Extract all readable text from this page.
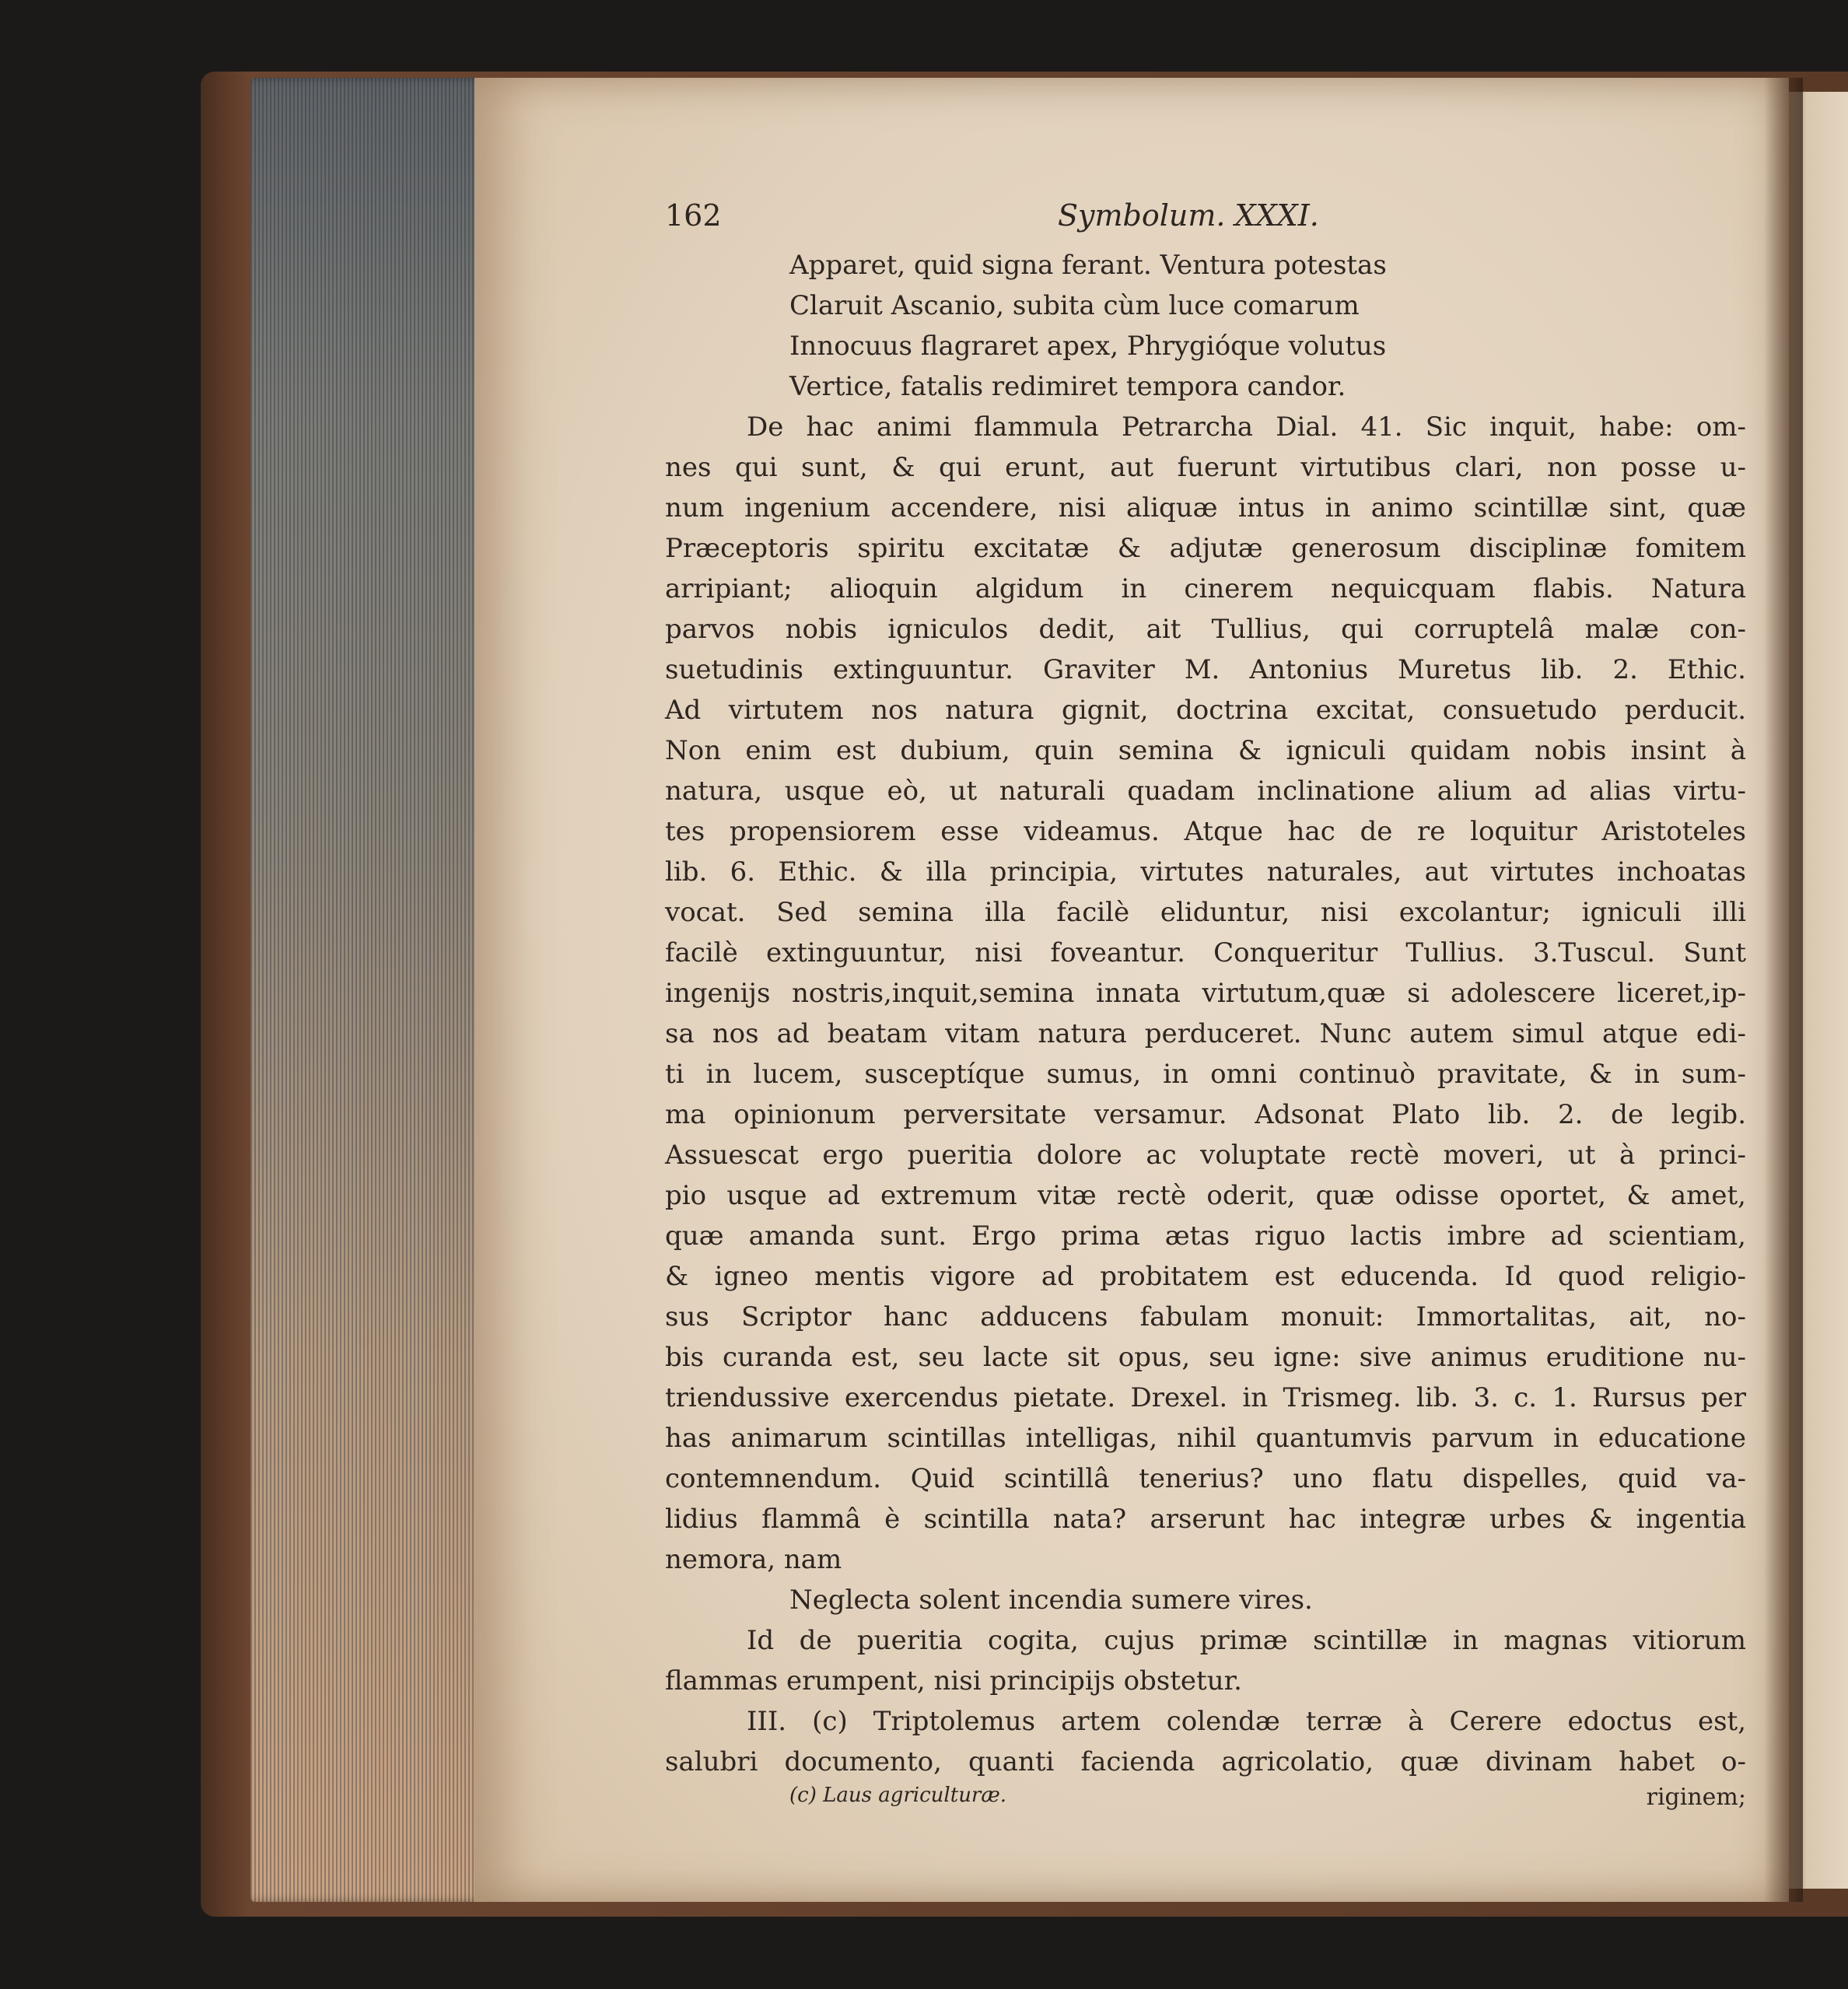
162	Symbolum. XXXI.
Apparet, quid signa ferant. Ventura potestas
Claruit Ascanio, subita cùm luce comarum
Innocuus flagraret apex, Phrygióque volutus
Vertice, fatalis redimiret tempora candor.
De hac animi flammula Petrarcha Dial. 41. Sic inquit, habe: om-
nes qui sunt, & qui erunt, aut fuerunt virtutibus clari, non posse u-
num ingenium accendere, nisi aliquæ intus in animo scintillæ sint, quæ
Præceptoris spiritu excitatæ & adjutæ generosum disciplinæ fomitem
arripiant; alioquin algidum in cinerem nequicquam flabis. Natura
parvos nobis igniculos dedit, ait Tullius, qui corruptelâ malæ con-
suetudinis extinguuntur. Graviter M. Antonius Muretus lib. 2. Ethic.
Ad virtutem nos natura gignit, doctrina excitat, consuetudo perducit.
Non enim est dubium, quin semina & igniculi quidam nobis insint à
natura, usque eò, ut naturali quadam inclinatione alium ad alias virtu-
tes propensiorem esse videamus. Atque hac de re loquitur Aristoteles
lib. 6. Ethic. & illa principia, virtutes naturales, aut virtutes inchoatas
vocat. Sed semina illa facilè eliduntur, nisi excolantur; igniculi illi
facilè extinguuntur, nisi foveantur. Conqueritur Tullius. 3.Tuscul. Sunt
ingenijs nostris,inquit,semina innata virtutum,quæ si adolescere liceret,ip-
sa nos ad beatam vitam natura perduceret. Nunc autem simul atque edi-
ti in lucem, susceptíque sumus, in omni continuò pravitate, & in sum-
ma opinionum perversitate versamur. Adsonat Plato lib. 2. de legib.
Assuescat ergo pueritia dolore ac voluptate rectè moveri, ut à princi-
pio usque ad extremum vitæ rectè oderit, quæ odisse oportet, & amet,
quæ amanda sunt. Ergo prima ætas riguo lactis imbre ad scientiam,
& igneo mentis vigore ad probitatem est educenda. Id quod religio-
sus Scriptor hanc adducens fabulam monuit: Immortalitas, ait, no-
bis curanda est, seu lacte sit opus, seu igne: sive animus eruditione nu-
triendussive exercendus pietate. Drexel. in Trismeg. lib. 3. c. 1. Rursus per
has animarum scintillas intelligas, nihil quantumvis parvum in educatione
contemnendum. Quid scintillâ tenerius? uno flatu dispelles, quid va-
lidius flammâ è scintilla nata? arserunt hac integræ urbes & ingentia
nemora, nam
Neglecta solent incendia sumere vires.
Id de pueritia cogita, cujus primæ scintillæ in magnas vitiorum
flammas erumpent, nisi principijs obstetur.
III. (c) Triptolemus artem colendæ terræ à Cerere edoctus est,
salubri documento, quanti facienda agricolatio, quæ divinam habet o-
(c) Laus agriculturæ.	riginem;
